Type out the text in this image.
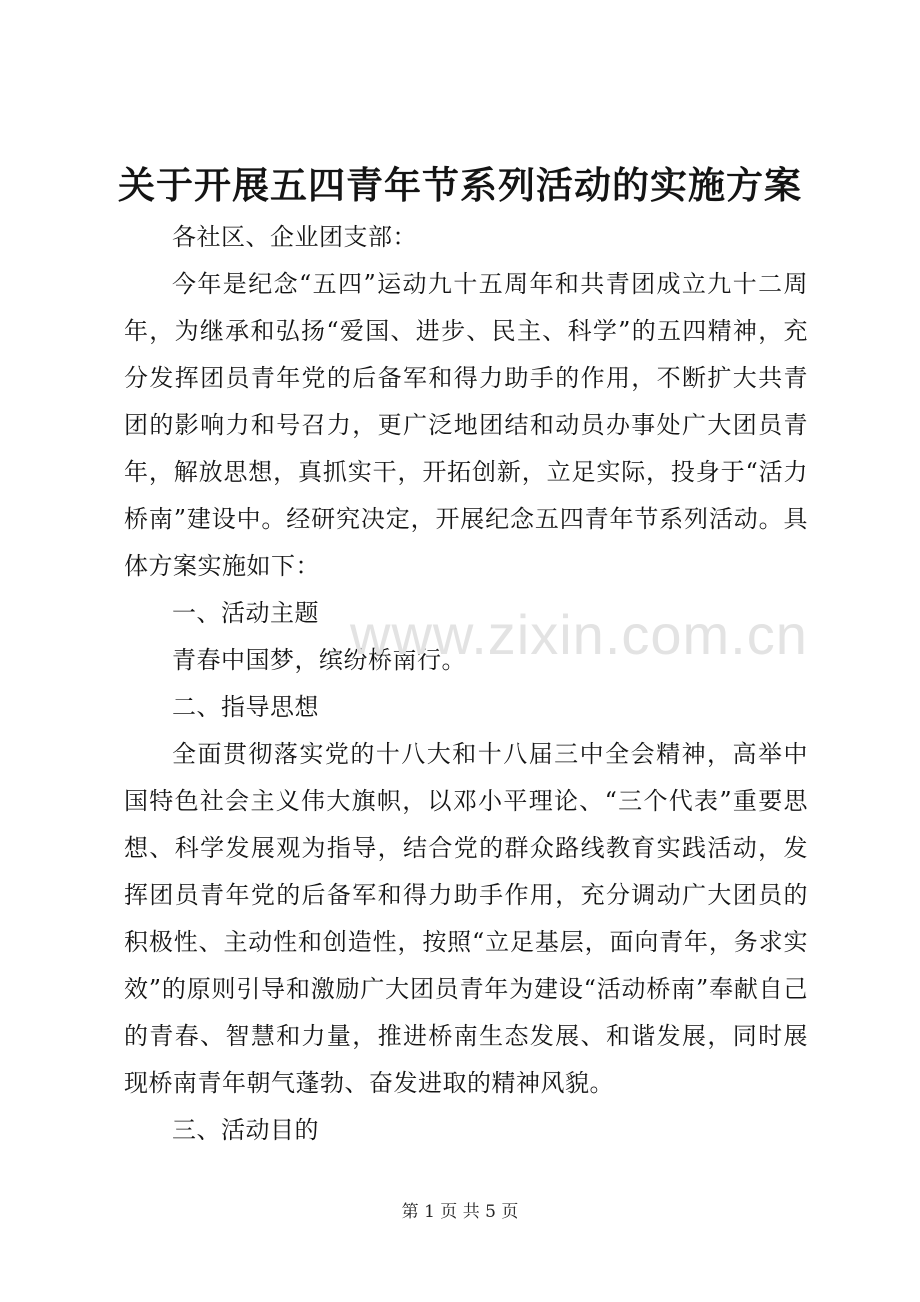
关于开展五四青年节系列活动的实施方案

各社区、企业团支部：

今年是纪念“五四”运动九十五周年和共青团成立九十二周年，为继承和弘扬“爱国、进步、民主、科学”的五四精神，充分发挥团员青年党的后备军和得力助手的作用，不断扩大共青团的影响力和号召力，更广泛地团结和动员办事处广大团员青年，解放思想，真抓实干，开拓创新，立足实际，投身于“活力桥南”建设中。经研究决定，开展纪念五四青年节系列活动。具体方案实施如下：

一、活动主题

青春中国梦，缤纷桥南行。

二、指导思想

全面贯彻落实党的十八大和十八届三中全会精神，高举中国特色社会主义伟大旗帜，以邓小平理论、“三个代表”重要思想、科学发展观为指导，结合党的群众路线教育实践活动，发挥团员青年党的后备军和得力助手作用，充分调动广大团员的积极性、主动性和创造性，按照“立足基层，面向青年，务求实效”的原则引导和激励广大团员青年为建设“活动桥南”奉献自己的青春、智慧和力量，推进桥南生态发展、和谐发展，同时展现桥南青年朝气蓬勃、奋发进取的精神风貌。

三、活动目的

www.zixin.com.cn
第 1 页 共 5 页
